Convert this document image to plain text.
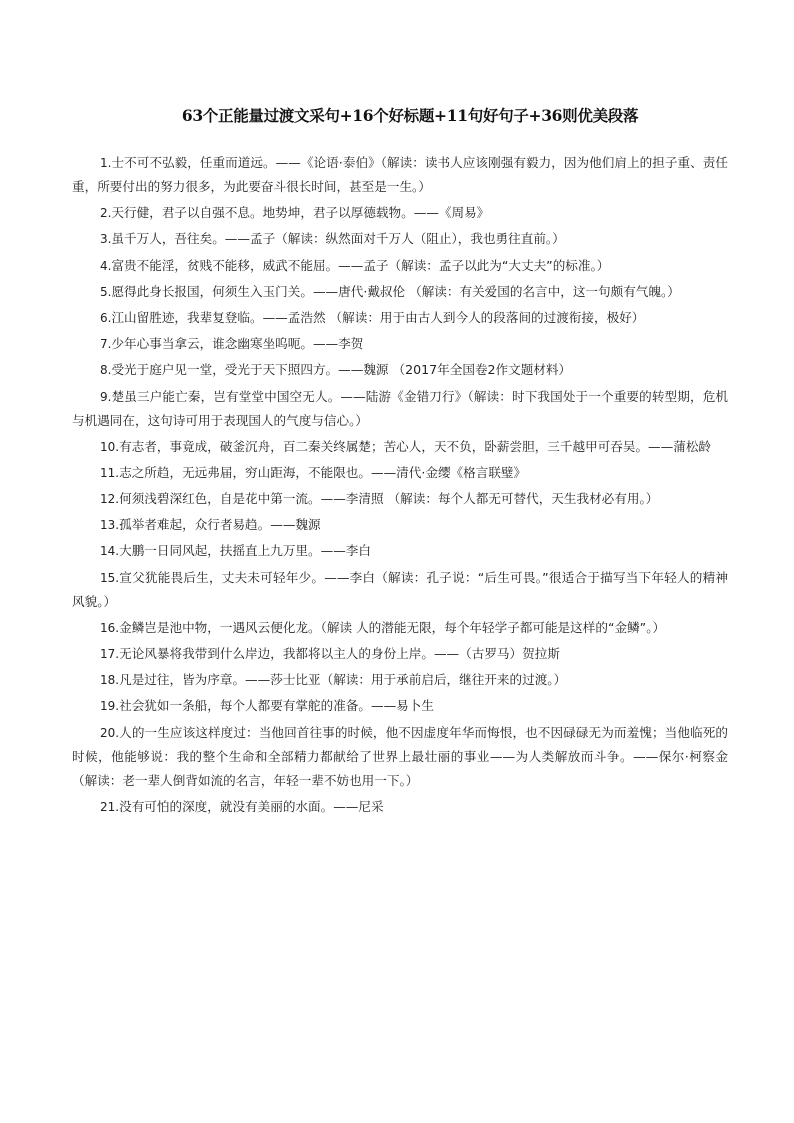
63个正能量过渡文采句+16个好标题+11句好句子+36则优美段落

1.士不可不弘毅，任重而道远。——《论语·泰伯》（解读：读书人应该刚强有毅力，因为他们肩上的担子重、责任重，所要付出的努力很多，为此要奋斗很长时间，甚至是一生。）

2.天行健，君子以自强不息。地势坤，君子以厚德载物。——《周易》

3.虽千万人，吾往矣。——孟子（解读：纵然面对千万人（阻止），我也勇往直前。）

4.富贵不能淫，贫贱不能移，威武不能屈。——孟子（解读：孟子以此为“大丈夫”的标准。）

5.愿得此身长报国，何须生入玉门关。——唐代·戴叔伦 （解读：有关爱国的名言中，这一句颇有气魄。）

6.江山留胜迹，我辈复登临。——孟浩然 （解读：用于由古人到今人的段落间的过渡衔接，极好）

7.少年心事当拿云，谁念幽寒坐呜呃。——李贺

8.受光于庭户见一堂，受光于天下照四方。——魏源 （2017年全国卷2作文题材料）

9.楚虽三户能亡秦，岂有堂堂中国空无人。——陆游《金错刀行》（解读：时下我国处于一个重要的转型期，危机与机遇同在，这句诗可用于表现国人的气度与信心。）

10.有志者，事竟成，破釜沉舟，百二秦关终属楚；苦心人，天不负，卧薪尝胆，三千越甲可吞吴。——蒲松龄

11.志之所趋，无远弗届，穷山距海，不能限也。——清代·金缨《格言联璧》

12.何须浅碧深红色，自是花中第一流。——李清照 （解读：每个人都无可替代，天生我材必有用。）

13.孤举者难起，众行者易趋。——魏源

14.大鹏一日同风起，扶摇直上九万里。——李白

15.宣父犹能畏后生，丈夫未可轻年少。——李白（解读：孔子说：“后生可畏。”很适合于描写当下年轻人的精神风貌。）

16.金鳞岂是池中物，一遇风云便化龙。（解读 人的潜能无限，每个年轻学子都可能是这样的“金鳞”。）

17.无论风暴将我带到什么岸边，我都将以主人的身份上岸。——（古罗马）贺拉斯

18.凡是过往，皆为序章。——莎士比亚（解读：用于承前启后，继往开来的过渡。）

19.社会犹如一条船，每个人都要有掌舵的准备。——易卜生

20.人的一生应该这样度过：当他回首往事的时候，他不因虚度年华而悔恨，也不因碌碌无为而羞愧；当他临死的时候，他能够说：我的整个生命和全部精力都献给了世界上最壮丽的事业——为人类解放而斗争。——保尔·柯察金 （解读：老一辈人倒背如流的名言，年轻一辈不妨也用一下。）

21.没有可怕的深度，就没有美丽的水面。——尼采
